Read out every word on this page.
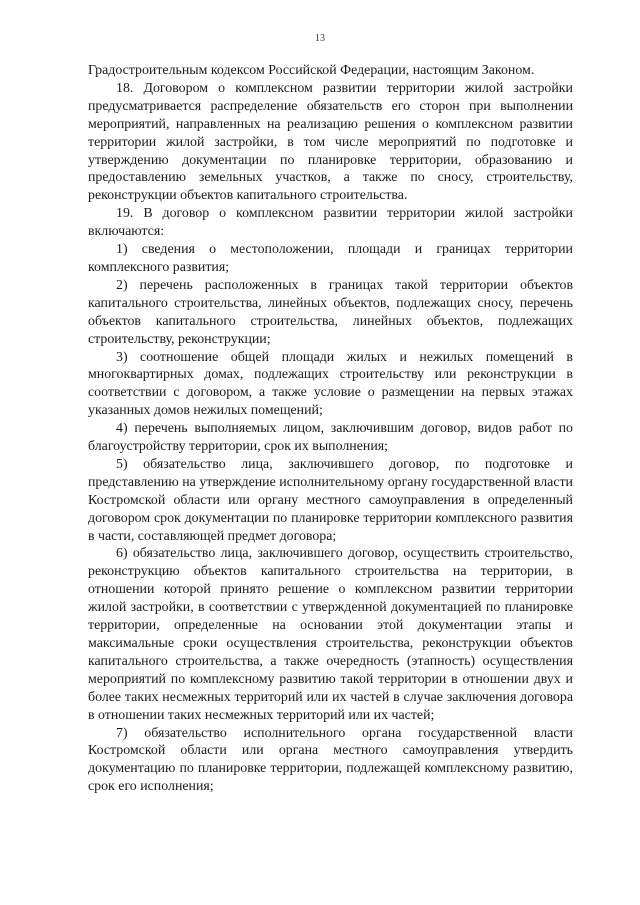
13

Градостроительным кодексом Российской Федерации, настоящим Законом.

18. Договором о комплексном развитии территории жилой застройки предусматривается распределение обязательств его сторон при выполнении мероприятий, направленных на реализацию решения о комплексном развитии территории жилой застройки, в том числе мероприятий по подготовке и утверждению документации по планировке территории, образованию и предоставлению земельных участков, а также по сносу, строительству, реконструкции объектов капитального строительства.

19. В договор о комплексном развитии территории жилой застройки включаются:

1) сведения о местоположении, площади и границах территории комплексного развития;

2) перечень расположенных в границах такой территории объектов капитального строительства, линейных объектов, подлежащих сносу, перечень объектов капитального строительства, линейных объектов, подлежащих строительству, реконструкции;

3) соотношение общей площади жилых и нежилых помещений в многоквартирных домах, подлежащих строительству или реконструкции в соответствии с договором, а также условие о размещении на первых этажах указанных домов нежилых помещений;

4) перечень выполняемых лицом, заключившим договор, видов работ по благоустройству территории, срок их выполнения;

5) обязательство лица, заключившего договор, по подготовке и представлению на утверждение исполнительному органу государственной власти Костромской области или органу местного самоуправления в определенный договором срок документации по планировке территории комплексного развития в части, составляющей предмет договора;

6) обязательство лица, заключившего договор, осуществить строительство, реконструкцию объектов капитального строительства на территории, в отношении которой принято решение о комплексном развитии территории жилой застройки, в соответствии с утвержденной документацией по планировке территории, определенные на основании этой документации этапы и максимальные сроки осуществления строительства, реконструкции объектов капитального строительства, а также очередность (этапность) осуществления мероприятий по комплексному развитию такой территории в отношении двух и более таких несмежных территорий или их частей в случае заключения договора в отношении таких несмежных территорий или их частей;

7) обязательство исполнительного органа государственной власти Костромской области или органа местного самоуправления утвердить документацию по планировке территории, подлежащей комплексному развитию, срок его исполнения;
